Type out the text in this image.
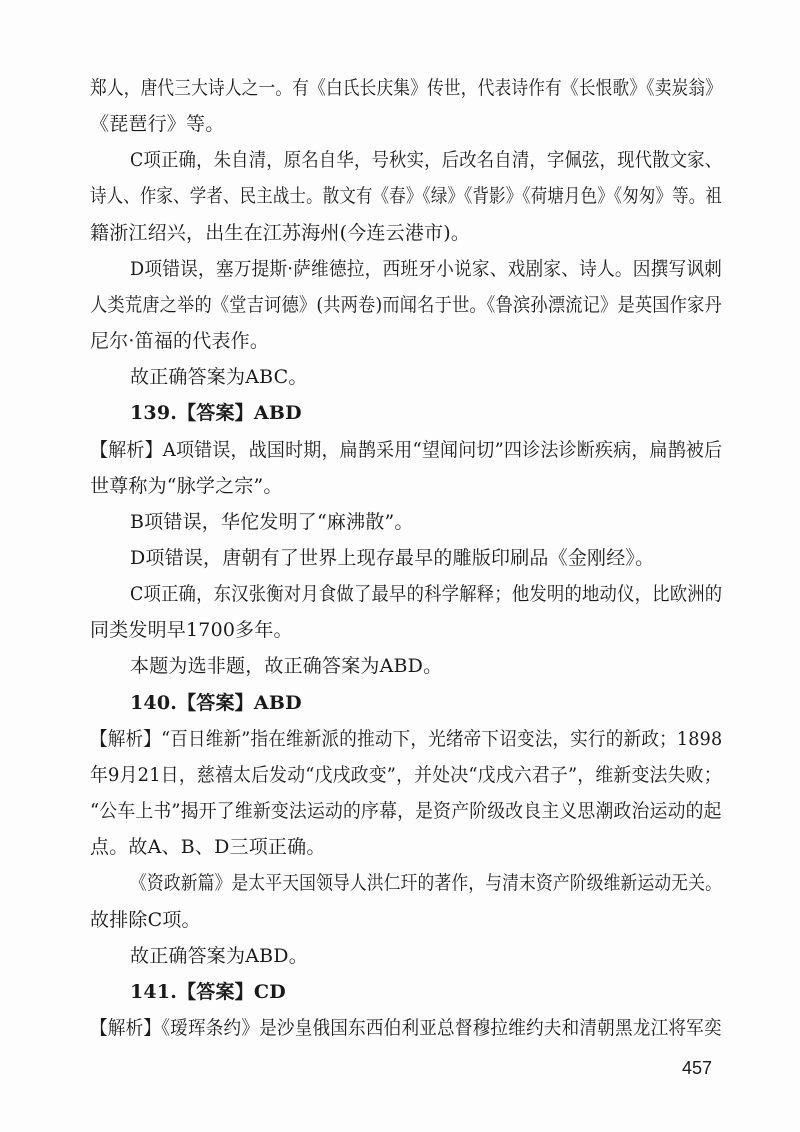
郑人，唐代三大诗人之一。有《白氏长庆集》传世，代表诗作有《长恨歌》《卖炭翁》
《琵琶行》等。
C项正确，朱自清，原名自华，号秋实，后改名自清，字佩弦，现代散文家、
诗人、作家、学者、民主战士。散文有《春》《绿》《背影》《荷塘月色》《匆匆》等。祖
籍浙江绍兴，出生在江苏海州(今连云港市)。
D项错误，塞万提斯·萨维德拉，西班牙小说家、戏剧家、诗人。因撰写讽刺
人类荒唐之举的《堂吉诃德》(共两卷)而闻名于世。《鲁滨孙漂流记》是英国作家丹
尼尔·笛福的代表作。
故正确答案为ABC。
139.【答案】ABD
【解析】A项错误，战国时期，扁鹊采用“望闻问切”四诊法诊断疾病，扁鹊被后
世尊称为“脉学之宗”。
B项错误，华佗发明了“麻沸散”。
D项错误，唐朝有了世界上现存最早的雕版印刷品《金刚经》。
C项正确，东汉张衡对月食做了最早的科学解释；他发明的地动仪，比欧洲的
同类发明早1700多年。
本题为选非题，故正确答案为ABD。
140.【答案】ABD
【解析】“百日维新”指在维新派的推动下，光绪帝下诏变法，实行的新政；1898
年9月21日，慈禧太后发动“戊戌政变”，并处决“戊戌六君子”，维新变法失败；
“公车上书”揭开了维新变法运动的序幕，是资产阶级改良主义思潮政治运动的起
点。故A、B、D三项正确。
《资政新篇》是太平天国领导人洪仁玕的著作，与清末资产阶级维新运动无关。
故排除C项。
故正确答案为ABD。
141.【答案】CD
【解析】《瑷珲条约》是沙皇俄国东西伯利亚总督穆拉维约夫和清朝黑龙江将军奕
457
